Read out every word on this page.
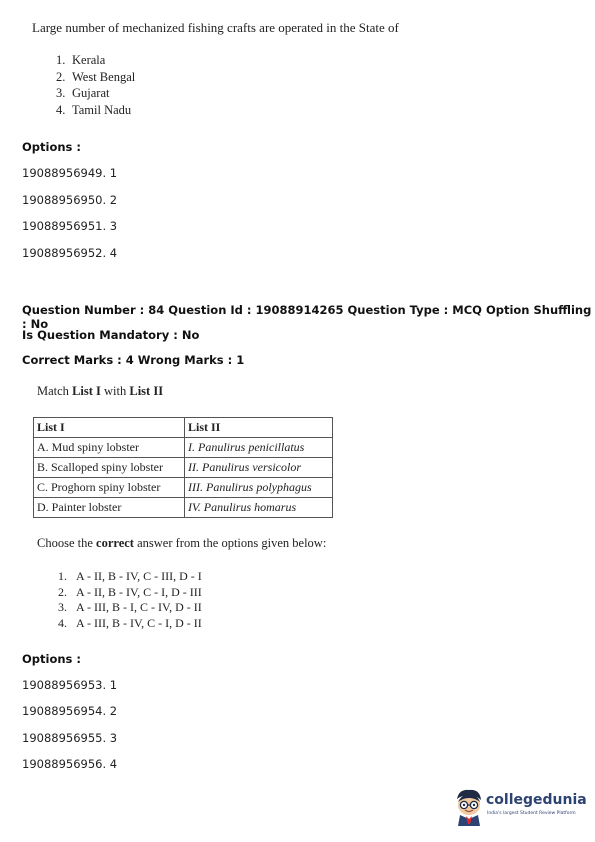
Large number of mechanized fishing crafts are operated in the State of

1. Kerala
2. West Bengal
3. Gujarat
4. Tamil Nadu
Options :
19088956949. 1
19088956950. 2
19088956951. 3
19088956952. 4
Question Number : 84 Question Id : 19088914265 Question Type : MCQ Option Shuffling : No
Is Question Mandatory : No
Correct Marks : 4 Wrong Marks : 1

Match List I with List II

List I	List II
A. Mud spiny lobster	I. Panulirus penicillatus
B. Scalloped spiny lobster	II. Panulirus versicolor
C. Proghorn spiny lobster	III. Panulirus polyphagus
D. Painter lobster	IV. Panulirus homarus

Choose the correct answer from the options given below:

1. A - II, B - IV, C - III, D - I
2. A - II, B - IV, C - I, D - III
3. A - III, B - I, C - IV, D - II
4. A - III, B - IV, C - I, D - II
Options :
19088956953. 1
19088956954. 2
19088956955. 3
19088956956. 4
collegedunia
India's largest Student Review Platform
